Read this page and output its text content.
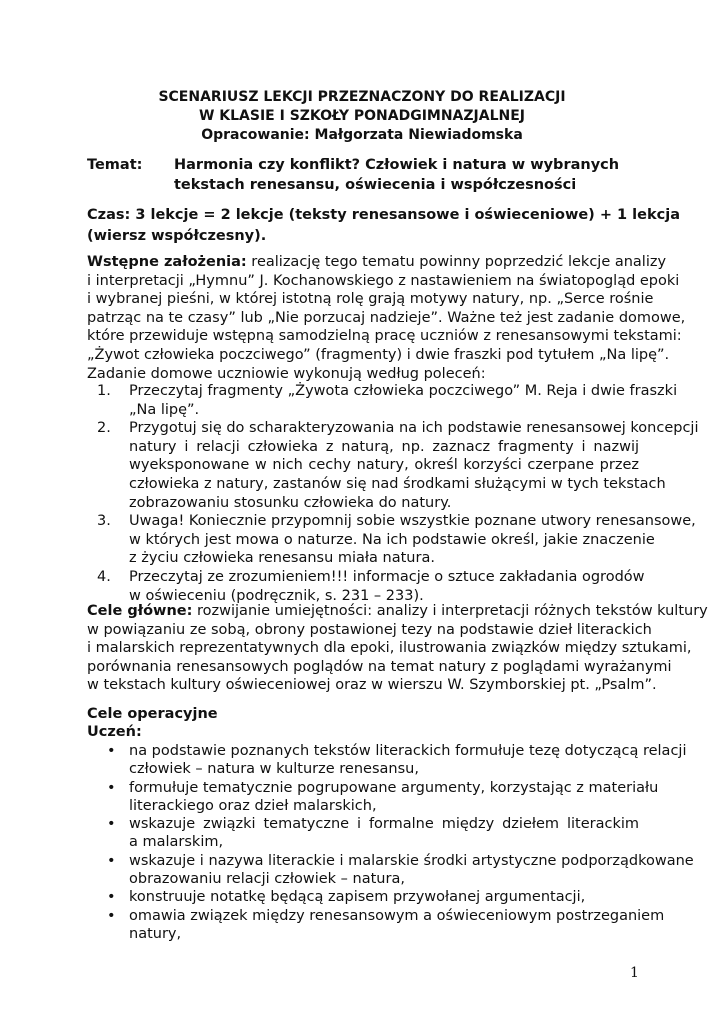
SCENARIUSZ LEKCJI PRZEZNACZONY DO REALIZACJI
W KLASIE I SZKOŁY PONADGIMNAZJALNEJ
Opracowanie: Małgorzata Niewiadomska
Temat: Harmonia czy konflikt? Człowiek i natura w wybranych
tekstach renesansu, oświecenia i współczesności
Czas: 3 lekcje = 2 lekcje (teksty renesansowe i oświeceniowe) + 1 lekcja
(wiersz współczesny).
Wstępne założenia: realizację tego tematu powinny poprzedzić lekcje analizy
i interpretacji „Hymnu” J. Kochanowskiego z nastawieniem na światopogląd epoki
i wybranej pieśni, w której istotną rolę grają motywy natury, np. „Serce rośnie
patrząc na te czasy” lub „Nie porzucaj nadzieje”. Ważne też jest zadanie domowe,
które przewiduje wstępną samodzielną pracę uczniów z renesansowymi tekstami:
„Żywot człowieka poczciwego” (fragmenty) i dwie fraszki pod tytułem „Na lipę”.
Zadanie domowe uczniowie wykonują według poleceń:
1. Przeczytaj fragmenty „Żywota człowieka poczciwego” M. Reja i dwie fraszki
„Na lipę”.
2. Przygotuj się do scharakteryzowania na ich podstawie renesansowej koncepcji
natury i relacji człowieka z naturą, np. zaznacz fragmenty i nazwij
wyeksponowane w nich cechy natury, określ korzyści czerpane przez
człowieka z natury, zastanów się nad środkami służącymi w tych tekstach
zobrazowaniu stosunku człowieka do natury.
3. Uwaga! Koniecznie przypomnij sobie wszystkie poznane utwory renesansowe,
w których jest mowa o naturze. Na ich podstawie określ, jakie znaczenie
z życiu człowieka renesansu miała natura.
4. Przeczytaj ze zrozumieniem!!! informacje o sztuce zakładania ogrodów
w oświeceniu (podręcznik, s. 231 – 233).
Cele główne: rozwijanie umiejętności: analizy i interpretacji różnych tekstów kultury
w powiązaniu ze sobą, obrony postawionej tezy na podstawie dzieł literackich
i malarskich reprezentatywnych dla epoki, ilustrowania związków między sztukami,
porównania renesansowych poglądów na temat natury z poglądami wyrażanymi
w tekstach kultury oświeceniowej oraz w wierszu W. Szymborskiej pt. „Psalm”.
Cele operacyjne
Uczeń:
• na podstawie poznanych tekstów literackich formułuje tezę dotyczącą relacji
człowiek – natura w kulturze renesansu,
• formułuje tematycznie pogrupowane argumenty, korzystając z materiału
literackiego oraz dzieł malarskich,
• wskazuje związki tematyczne i formalne między dziełem literackim
a malarskim,
• wskazuje i nazywa literackie i malarskie środki artystyczne podporządkowane
obrazowaniu relacji człowiek – natura,
• konstruuje notatkę będącą zapisem przywołanej argumentacji,
• omawia związek między renesansowym a oświeceniowym postrzeganiem
natury,
1
